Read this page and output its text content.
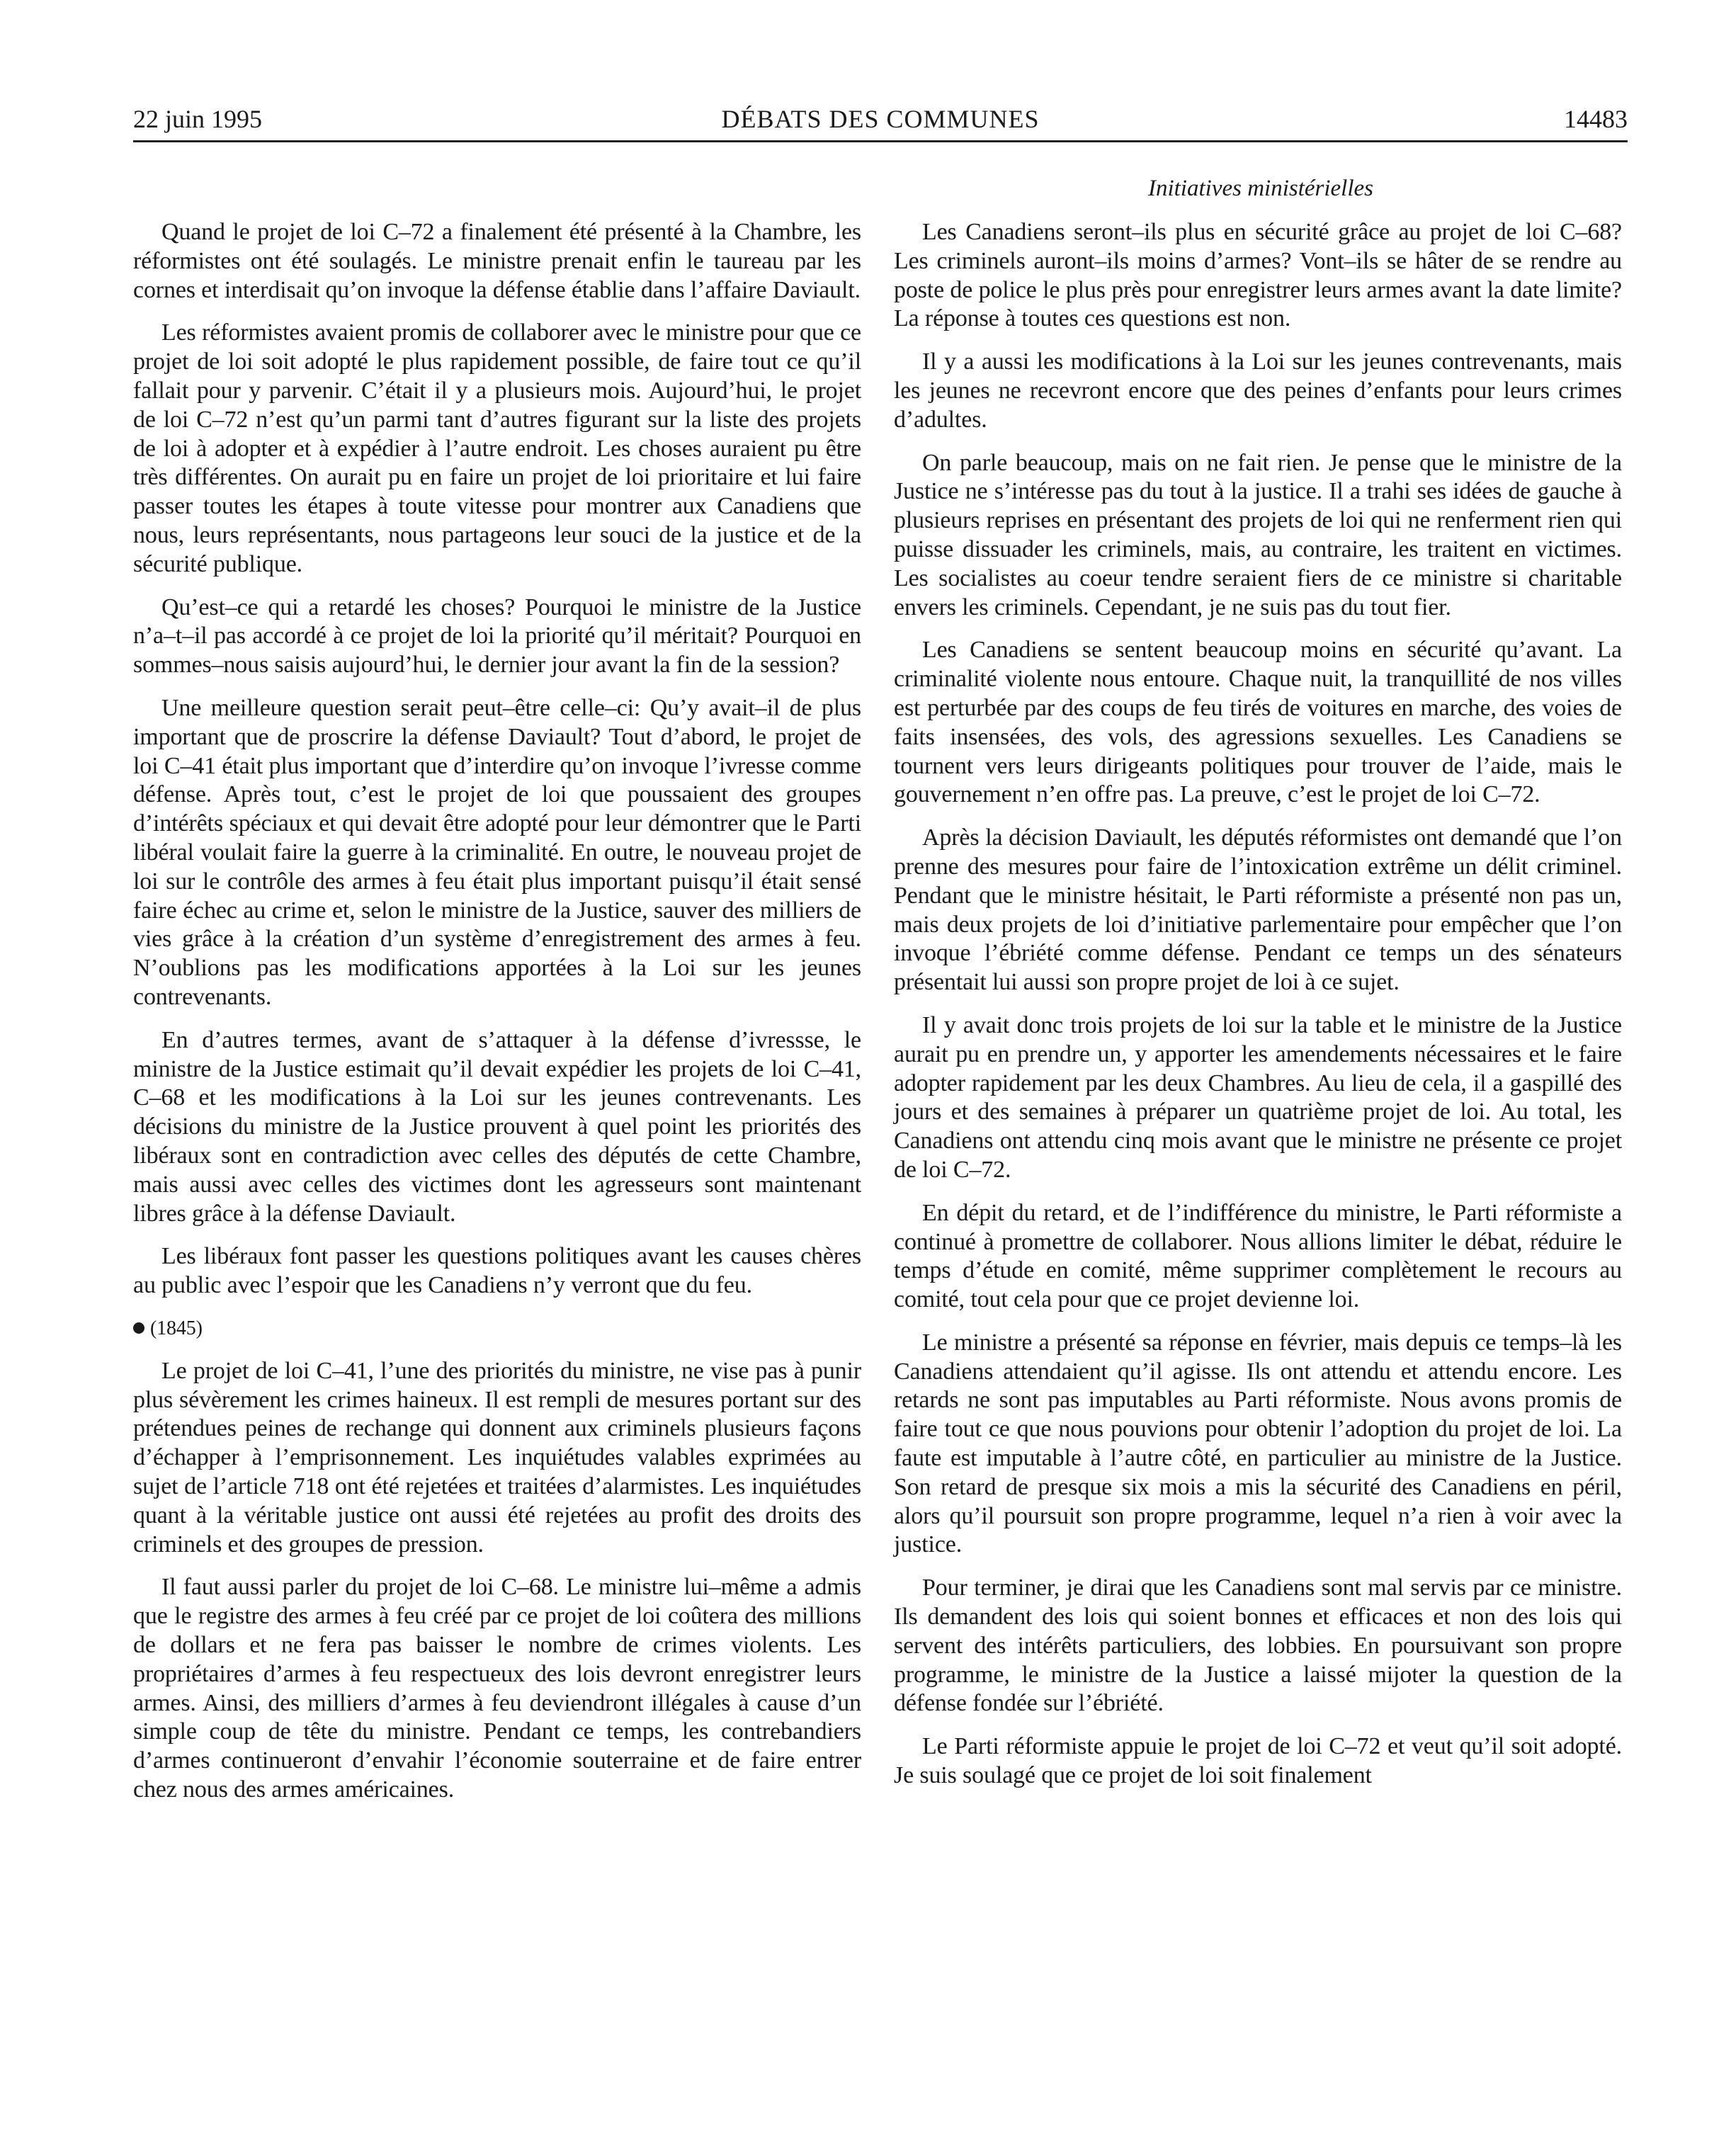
22 juin 1995	DÉBATS DES COMMUNES	14483
Initiatives ministérielles

Quand le projet de loi C–72 a finalement été présenté à la Chambre, les réformistes ont été soulagés. Le ministre prenait enfin le taureau par les cornes et interdisait qu’on invoque la défense établie dans l’affaire Daviault.

Les réformistes avaient promis de collaborer avec le ministre pour que ce projet de loi soit adopté le plus rapidement possible, de faire tout ce qu’il fallait pour y parvenir. C’était il y a plusieurs mois. Aujourd’hui, le projet de loi C–72 n’est qu’un parmi tant d’autres figurant sur la liste des projets de loi à adopter et à expédier à l’autre endroit. Les choses auraient pu être très différentes. On aurait pu en faire un projet de loi prioritaire et lui faire passer toutes les étapes à toute vitesse pour montrer aux Canadiens que nous, leurs représentants, nous partageons leur souci de la justice et de la sécurité publique.

Qu’est–ce qui a retardé les choses? Pourquoi le ministre de la Justice n’a–t–il pas accordé à ce projet de loi la priorité qu’il méritait? Pourquoi en sommes–nous saisis aujourd’hui, le dernier jour avant la fin de la session?

Une meilleure question serait peut–être celle–ci: Qu’y avait–il de plus important que de proscrire la défense Daviault? Tout d’abord, le projet de loi C–41 était plus important que d’interdire qu’on invoque l’ivresse comme défense. Après tout, c’est le projet de loi que poussaient des groupes d’intérêts spéciaux et qui devait être adopté pour leur démontrer que le Parti libéral voulait faire la guerre à la criminalité. En outre, le nouveau projet de loi sur le contrôle des armes à feu était plus important puisqu’il était sensé faire échec au crime et, selon le ministre de la Justice, sauver des milliers de vies grâce à la création d’un système d’enregistrement des armes à feu. N’oublions pas les modifications apportées à la Loi sur les jeunes contrevenants.

En d’autres termes, avant de s’attaquer à la défense d’ivressse, le ministre de la Justice estimait qu’il devait expédier les projets de loi C–41, C–68 et les modifications à la Loi sur les jeunes contrevenants. Les décisions du ministre de la Justice prouvent à quel point les priorités des libéraux sont en contradiction avec celles des députés de cette Chambre, mais aussi avec celles des victimes dont les agresseurs sont maintenant libres grâce à la défense Daviault.

Les libéraux font passer les questions politiques avant les causes chères au public avec l’espoir que les Canadiens n’y verront que du feu.

(1845)

Le projet de loi C–41, l’une des priorités du ministre, ne vise pas à punir plus sévèrement les crimes haineux. Il est rempli de mesures portant sur des prétendues peines de rechange qui donnent aux criminels plusieurs façons d’échapper à l’emprisonnement. Les inquiétudes valables exprimées au sujet de l’article 718 ont été rejetées et traitées d’alarmistes. Les inquiétudes quant à la véritable justice ont aussi été rejetées au profit des droits des criminels et des groupes de pression.

Il faut aussi parler du projet de loi C–68. Le ministre lui–même a admis que le registre des armes à feu créé par ce projet de loi coûtera des millions de dollars et ne fera pas baisser le nombre de crimes violents. Les propriétaires d’armes à feu respectueux des lois devront enregistrer leurs armes. Ainsi, des milliers d’armes à feu deviendront illégales à cause d’un simple coup de tête du ministre. Pendant ce temps, les contrebandiers d’armes continueront d’envahir l’économie souterraine et de faire entrer chez nous des armes américaines.

Les Canadiens seront–ils plus en sécurité grâce au projet de loi C–68? Les criminels auront–ils moins d’armes? Vont–ils se hâter de se rendre au poste de police le plus près pour enregistrer leurs armes avant la date limite? La réponse à toutes ces questions est non.

Il y a aussi les modifications à la Loi sur les jeunes contrevenants, mais les jeunes ne recevront encore que des peines d’enfants pour leurs crimes d’adultes.

On parle beaucoup, mais on ne fait rien. Je pense que le ministre de la Justice ne s’intéresse pas du tout à la justice. Il a trahi ses idées de gauche à plusieurs reprises en présentant des projets de loi qui ne renferment rien qui puisse dissuader les criminels, mais, au contraire, les traitent en victimes. Les socialistes au coeur tendre seraient fiers de ce ministre si charitable envers les criminels. Cependant, je ne suis pas du tout fier.

Les Canadiens se sentent beaucoup moins en sécurité qu’avant. La criminalité violente nous entoure. Chaque nuit, la tranquillité de nos villes est perturbée par des coups de feu tirés de voitures en marche, des voies de faits insensées, des vols, des agressions sexuelles. Les Canadiens se tournent vers leurs dirigeants politiques pour trouver de l’aide, mais le gouvernement n’en offre pas. La preuve, c’est le projet de loi C–72.

Après la décision Daviault, les députés réformistes ont demandé que l’on prenne des mesures pour faire de l’intoxication extrême un délit criminel. Pendant que le ministre hésitait, le Parti réformiste a présenté non pas un, mais deux projets de loi d’initiative parlementaire pour empêcher que l’on invoque l’ébriété comme défense. Pendant ce temps un des sénateurs présentait lui aussi son propre projet de loi à ce sujet.

Il y avait donc trois projets de loi sur la table et le ministre de la Justice aurait pu en prendre un, y apporter les amendements nécessaires et le faire adopter rapidement par les deux Chambres. Au lieu de cela, il a gaspillé des jours et des semaines à préparer un quatrième projet de loi. Au total, les Canadiens ont attendu cinq mois avant que le ministre ne présente ce projet de loi C–72.

En dépit du retard, et de l’indifférence du ministre, le Parti réformiste a continué à promettre de collaborer. Nous allions limiter le débat, réduire le temps d’étude en comité, même supprimer complètement le recours au comité, tout cela pour que ce projet devienne loi.

Le ministre a présenté sa réponse en février, mais depuis ce temps–là les Canadiens attendaient qu’il agisse. Ils ont attendu et attendu encore. Les retards ne sont pas imputables au Parti réformiste. Nous avons promis de faire tout ce que nous pouvions pour obtenir l’adoption du projet de loi. La faute est imputable à l’autre côté, en particulier au ministre de la Justice. Son retard de presque six mois a mis la sécurité des Canadiens en péril, alors qu’il poursuit son propre programme, lequel n’a rien à voir avec la justice.

Pour terminer, je dirai que les Canadiens sont mal servis par ce ministre. Ils demandent des lois qui soient bonnes et efficaces et non des lois qui servent des intérêts particuliers, des lobbies. En poursuivant son propre programme, le ministre de la Justice a laissé mijoter la question de la défense fondée sur l’ébriété.

Le Parti réformiste appuie le projet de loi C–72 et veut qu’il soit adopté. Je suis soulagé que ce projet de loi soit finalement
